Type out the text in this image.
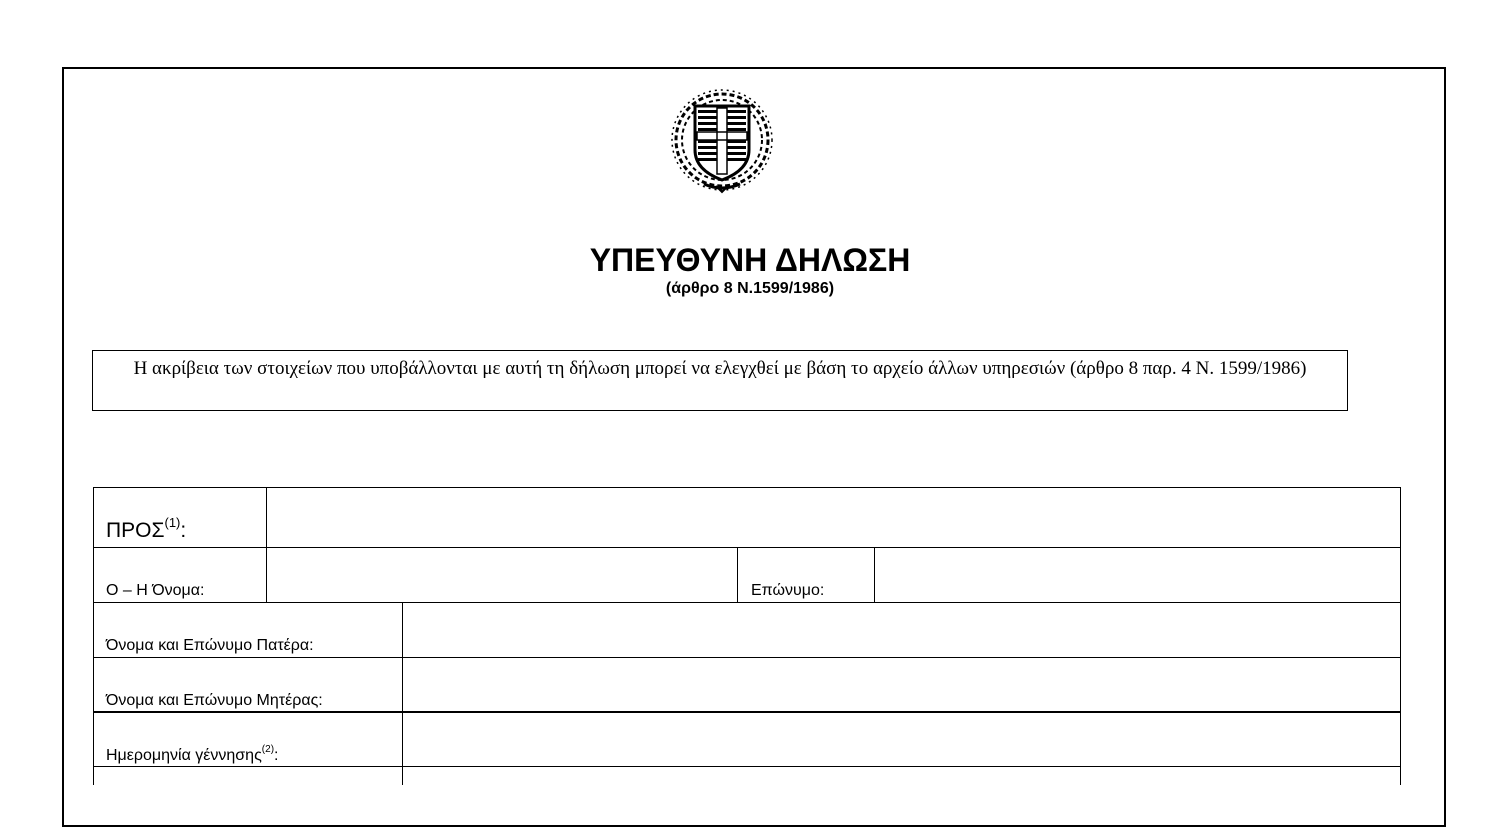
ΥΠΕΥΘΥΝΗ ΔΗΛΩΣΗ
(άρθρο 8 Ν.1599/1986)
Η ακρίβεια των στοιχείων που υποβάλλονται με αυτή τη δήλωση μπορεί να ελεγχθεί με βάση το αρχείο άλλων υπηρεσιών (άρθρο 8 παρ. 4 Ν. 1599/1986)
ΠΡΟΣ$^{(1)}$:
Ο – Η Όνομα:	Επώνυμο:
Όνομα και Επώνυμο Πατέρα:
Όνομα και Επώνυμο Μητέρας:
Ημερομηνία γέννησης$^{(2)}$:
